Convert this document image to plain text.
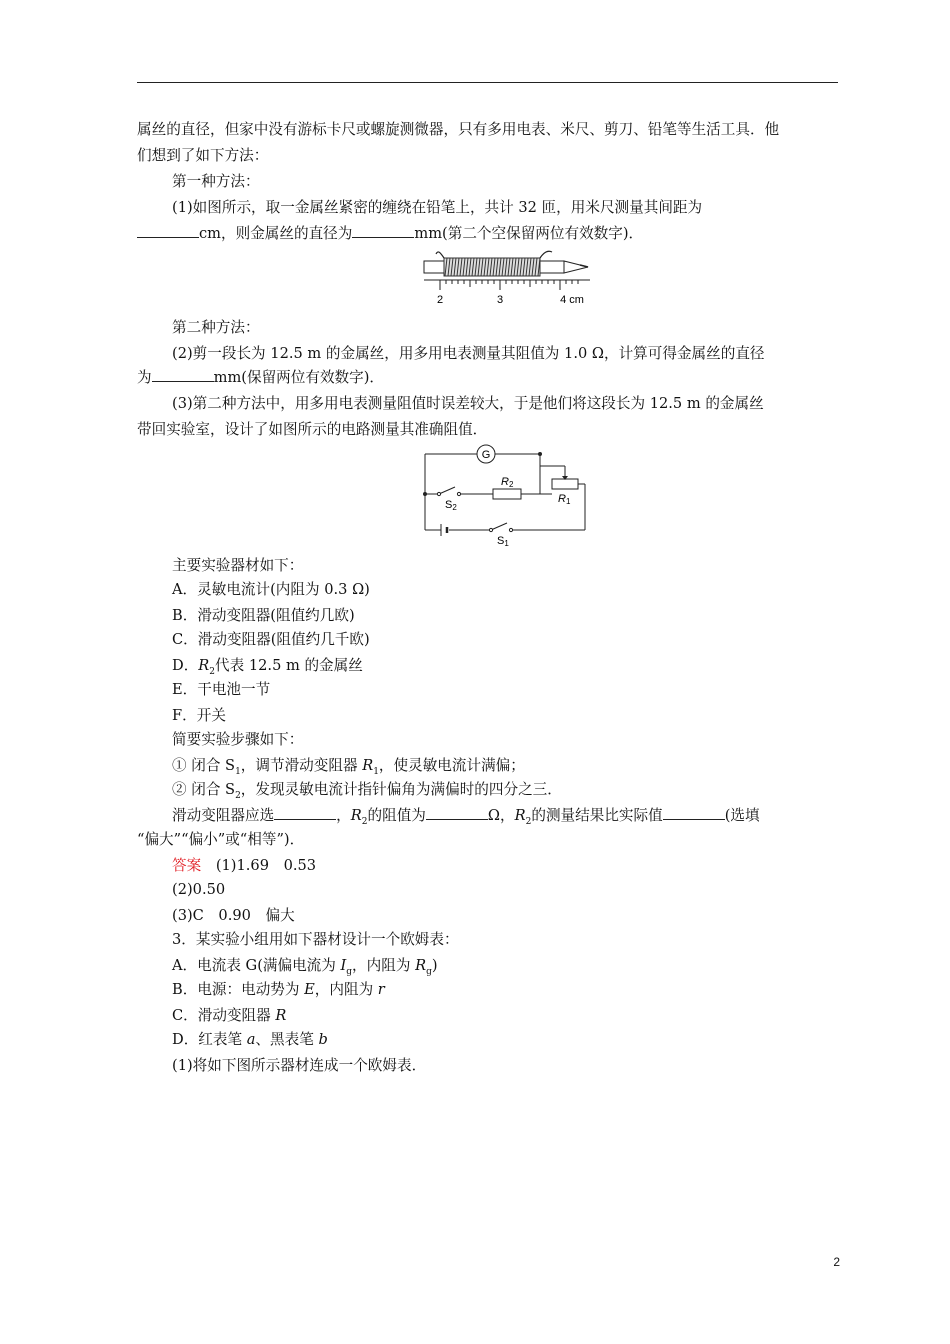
属丝的直径，但家中没有游标卡尺或螺旋测微器，只有多用电表、米尺、剪刀、铅笔等生活工具．他
们想到了如下方法：
第一种方法：
(1)如图所示，取一金属丝紧密的缠绕在铅笔上，共计 32 匝，用米尺测量其间距为
cm，则金属丝的直径为	mm(第二个空保留两位有效数字)．
2	3	4 cm
第二种方法：
(2)剪一段长为 12.5 m 的金属丝，用多用电表测量其阻值为 1.0 Ω，计算可得金属丝的直径
为	mm(保留两位有效数字)．
(3)第二种方法中，用多用电表测量阻值时误差较大，于是他们将这段长为 12.5 m 的金属丝
带回实验室，设计了如图所示的电路测量其准确阻值．
G
R2
R1
S2
S1
主要实验器材如下：
A．灵敏电流计(内阻为 0.3 Ω)
B．滑动变阻器(阻值约几欧)
C．滑动变阻器(阻值约几千欧)
D．$R_2$代表 12.5 m 的金属丝
E．干电池一节
F．开关
简要实验步骤如下：
① 闭合 $S_1$，调节滑动变阻器 $R_1$，使灵敏电流计满偏；
② 闭合 $S_2$，发现灵敏电流计指针偏角为满偏时的四分之三．
滑动变阻器应选	，$R_2$的阻值为	Ω，$R_2$的测量结果比实际值	(选填
“偏大”“偏小”或“相等”)．
答案　 (1)1.69　0.53
(2)0.50
(3)C　0.90　偏大
3．某实验小组用如下器材设计一个欧姆表：
A．电流表 G(满偏电流为 $I_g$，内阻为 $R_g$)
B．电源：电动势为 E，内阻为 r
C．滑动变阻器 R
D．红表笔 a、黑表笔 b
(1)将如下图所示器材连成一个欧姆表．
2
